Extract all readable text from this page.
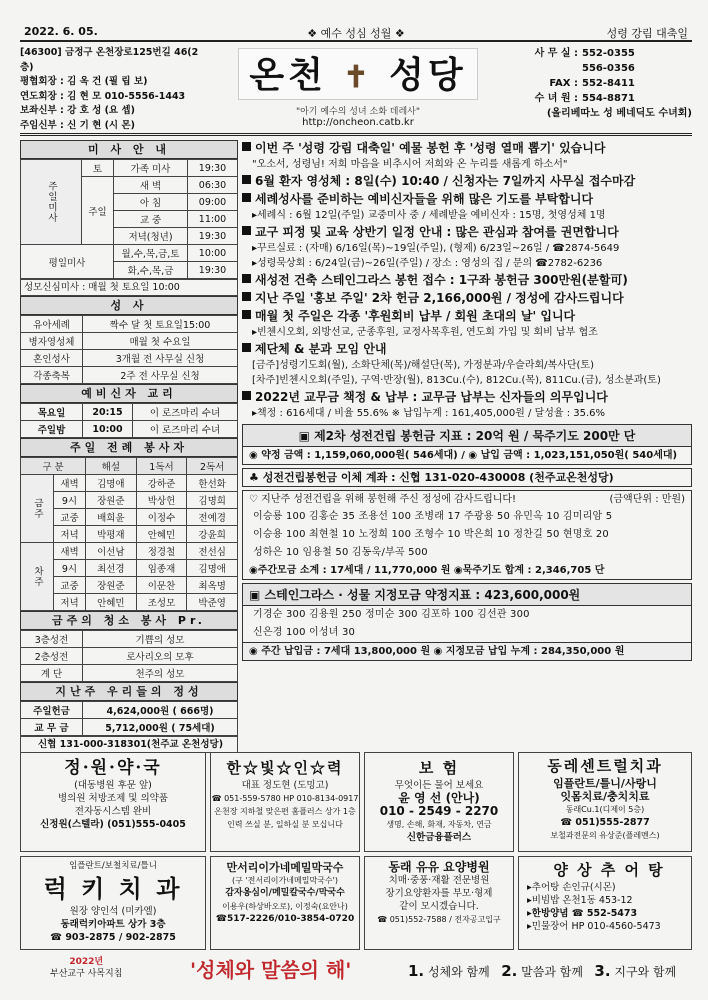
2022. 6. 05.	❖ 예수 성심 성월 ❖	성령 강림 대축일
[46300] 금정구 온천장로125번길 46(2층)
평협회장 : 김 옥 건 (필 립 보)
연도회장 : 김 현 모 010-5556-1443
보좌신부 : 강 호 성 (요 셉)
주임신부 : 신 기 현 (시 몬)
온천 ✝ 성당
"아기 예수의 성녀 소화 데레사"
http://oncheon.catb.kr
사 무 실 : 552-0355
556-0356
FAX : 552-8411
수 녀 원 : 554-8871
(올리베따노 성 베네딕도 수녀회)
미 사 안 내
주일미사	토	가족 미사	19:30
	주일	새 벽	06:30
		아 침	09:00
		교 중	11:00
		저녁(청년)	19:30
평일미사		월,수,목,금,토	10:00
		화,수,목,금	19:30
성모신심미사 : 매월 첫 토요일 10:00
성 사
유아세례	짝수 달 첫 토요일15:00
병자영성체	매월 첫 수요일
혼인성사	3개월 전 사무실 신청
각종축복	2주 전 사무실 신청
예비신자 교리
목요일	20:15	이 로즈마리 수녀
주일밤	10:00	이 로즈마리 수녀
주일 전례 봉사자
구 분		해설	1독서	2독서
금주	새벽	김명애	강하준	한선화
	9시	장원준	박상헌	김명희
	교중	배희윤	이정수	전예경
	저녁	박평재	안혜민	강윤희
차주	새벽	이선남	정경철	전선심
	9시	최선경	임종재	김명애
	교중	장원준	이문찬	최옥명
	저녁	안혜민	조성모	박준영
금주의 청소 봉사 Pr.
3층성전	기쁨의 성모
2층성전	로사리오의 모후
계 단	천주의 성모
지난주 우리들의 정성
주일헌금	4,624,000원 ( 666명)
교 무 금	5,712,000원 ( 75세대)
신협 131-000-318301(천주교 온천성당)
이번 주 '성령 강림 대축일' 예물 봉헌 후 '성령 열매 뽑기' 있습니다
"오소서, 성령님! 저희 마음을 비추시어 저희와 온 누리를 새롭게 하소서"
6월 환자 영성체 : 8일(수) 10:40 / 신청자는 7일까지 사무실 접수마감
세례성사를 준비하는 예비신자들을 위해 많은 기도를 부탁합니다
▸세례식 : 6월 12일(주일) 교중미사 중 / 세례받을 예비신자 : 15명, 첫영성체 1명
교구 피정 및 교육 상반기 일정 안내 : 많은 관심과 참여를 권면합니다
▸꾸르실료 : (자매) 6/16일(목)~19일(주일), (형제) 6/23일~26일 / ☎2874-5649
▸성령묵상회 : 6/24일(금)~26일(주일) / 장소 : 영성의 집 / 문의 ☎2782-6236
새성전 건축 스테인그라스 봉헌 접수 : 1구좌 봉헌금 300만원(분할可)
지난 주일 '홍보 주일' 2차 헌금 2,166,000원 / 정성에 감사드립니다
매월 첫 주일은 각종 '후원회비 납부 / 회원 초대의 날' 입니다
▸빈첸시오회, 외방선교, 군종후원, 교정사목후원, 연도회 가입 및 회비 납부 협조
제단체 & 분과 모임 안내
[금주]성령기도회(월), 소화단체(목)/해설단(목), 가정분과/우슬라회/복사단(토)
[차주]빈첸시오회(주일), 구역·반장(월), 813Cu.(수), 812Cu.(목), 811Cu.(금), 성소분과(토)
2022년 교무금 책정 & 납부 : 교무금 납부는 신자들의 의무입니다
▸책정 : 616세대 / 비율 55.6% ※ 납입누계 : 161,405,000원 / 달성율 : 35.6%
▣ 제2차 성전건립 봉헌금 지표 : 20억 원 / 묵주기도 200만 단
◉ 약정 금액 : 1,159,060,000원( 546세대) / ◉ 납입 금액 : 1,023,151,050원( 540세대)
♣ 성전건립봉헌금 이체 계좌 : 신협 131-020-430008 (천주교온천성당)
♡ 지난주 성전건립을 위해 봉헌해 주신 정성에 감사드립니다!	(금액단위 : 만원)
이승룡 100 김홍순 35 조용선 100 조병래 17 주광용 50 유민옥 10 김미리암 5
이승용 100 최현철 10 노정희 100 조형수 10 박은희 10 정찬길 50 현명호 20
성하은 10 임용철 50 김동욱/부곡 500
◉주간모금 소계 : 17세대 / 11,770,000 원 ◉묵주기도 합계 : 2,346,705 단
▣ 스테인그라스 · 성물 지정모금 약정지표 : 423,600,000원
기경순 300 김용원 250 정미순 300 김포하 100 김선관 300
신은경 100 이성녀 30
◉ 주간 납입금 : 7세대 13,800,000 원 ◉ 지정모금 납입 누계 : 284,350,000 원
정·원·약·국
(대동병원 후문 앞)
병의원 처방조제 및 의약품
전자동시스템 완비
신정원(스텔라) (051)555-0405
한☆빛☆인☆력
대표 정도현 (도밍고)
☎ 051-559-5780 HP 010-8134-0917
온천장 지하철 맞은편 홈플러스 상가 1층
인력 쓰실 분, 일하실 분 모십니다
보 험
무엇이든 물어 보세요
윤 영 선 (안나)
010 - 2549 - 2270
생명, 손해, 화재, 자동차, 연금
신한금융플러스
동레센트럴치과
임플란트/틀니/사랑니
잇몸치료/충치치료
동래Cu.1(디제이 5층)
☎ 051)555-2877
보철과전문의 유상준(플레멘스)
임플란트/보철치료/틀니
럭 키 치 과
원장 양인석 (미카엘)
동래럭키아파트 상가 3층
☎ 903-2875 / 902-2875
만서리이가네메밀막국수
(구 '전서리이가네메밀막국수')
감자옹심이/메밀칼국수/막국수
이용우(하상바오로), 이정숙(요안나)
☎517-2226/010-3854-0720
동래 유유 요양병원
치매·중풍·재활 전문병원
장기요양환자를 부모·형제
같이 모시겠습니다.
☎ 051)552-7588 / 전자공고입구
양 상 추 어 탕
▸추어탕 손인규(시몬)
▸비빔밥 온천1동 453-12
▸한방양념 ☎ 552-5473
▸민물장어 HP 010-4560-5473
2022년
부산교구 사목지침	'성체와 말씀의 해'	1. 성체와 함께 2. 말씀과 함께 3. 지구와 함께
